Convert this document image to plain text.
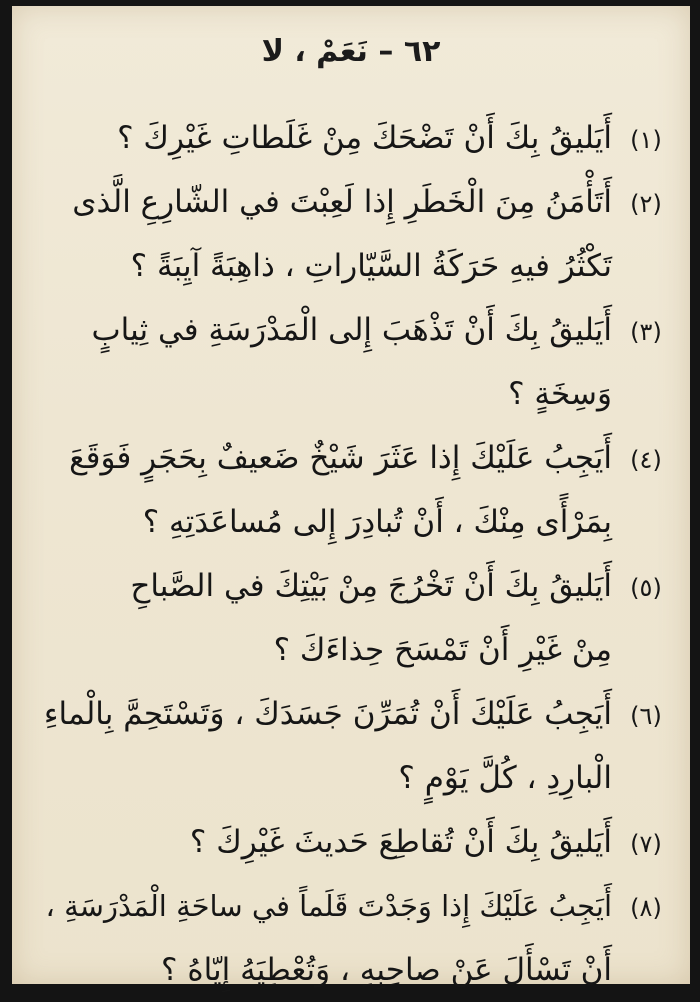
٦٢ – نَعَمْ ، لا
(١)أَيَليقُ بِكَ أَنْ تَضْحَكَ مِنْ غَلَطاتِ غَيْرِكَ ؟
(٢)أَتَأْمَنُ مِنَ الْخَطَرِ إِذا لَعِبْتَ في الشّارِعِ الَّذى
تَكْثُرُ فيهِ حَرَكَةُ السَّيّاراتِ ، ذاهِبَةً آيِبَةً ؟
(٣)أَيَليقُ بِكَ أَنْ تَذْهَبَ إِلى الْمَدْرَسَةِ في ثِيابٍ
وَسِخَةٍ ؟
(٤)أَيَجِبُ عَلَيْكَ إِذا عَثَرَ شَيْخٌ ضَعيفٌ بِحَجَرٍ فَوَقَعَ
بِمَرْأًى مِنْكَ ، أَنْ تُبادِرَ إِلى مُساعَدَتِهِ ؟
(٥)أَيَليقُ بِكَ أَنْ تَخْرُجَ مِنْ بَيْتِكَ في الصَّباحِ
مِنْ غَيْرِ أَنْ تَمْسَحَ حِذاءَكَ ؟
(٦)أَيَجِبُ عَلَيْكَ أَنْ تُمَرِّنَ جَسَدَكَ ، وَتَسْتَحِمَّ بِالْماءِ
الْبارِدِ ، كُلَّ يَوْمٍ ؟
(٧)أَيَليقُ بِكَ أَنْ تُقاطِعَ حَديثَ غَيْرِكَ ؟
(٨)أَيَجِبُ عَلَيْكَ إِذا وَجَدْتَ قَلَماً في ساحَةِ الْمَدْرَسَةِ ،
أَنْ تَسْأَلَ عَنْ صاحِبِهِ ، وَتُعْطِيَهُ إِيّاهُ ؟
